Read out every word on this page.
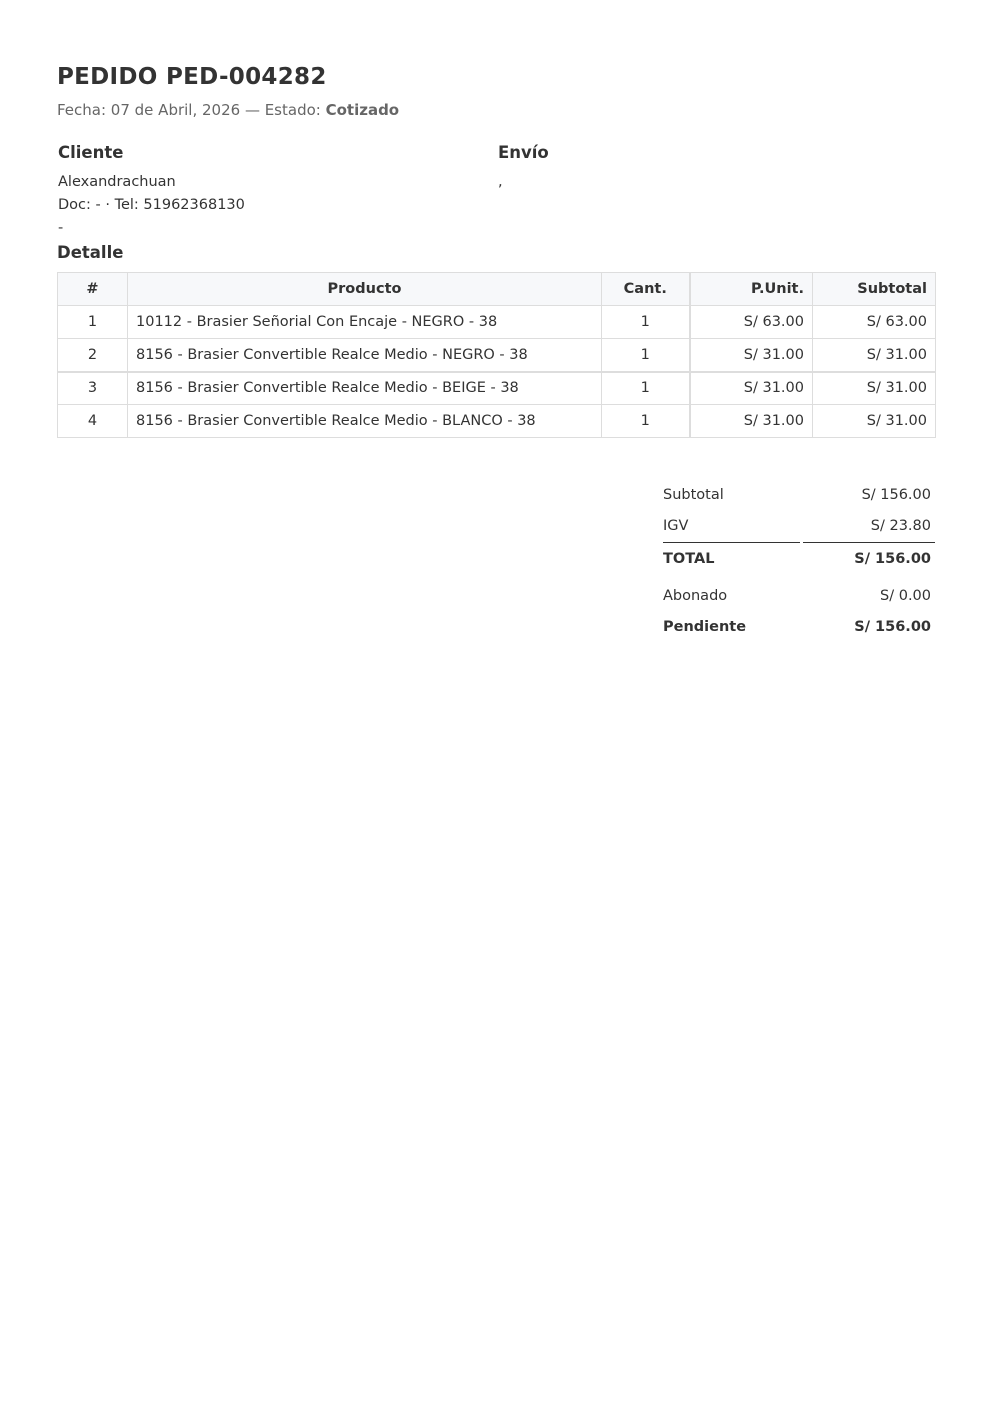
PEDIDO PED-004282
Fecha: 07 de Abril, 2026 — Estado: Cotizado
Cliente
Alexandrachuan
Doc: - · Tel: 51962368130
-
Envío
,
Detalle
#	Producto	Cant.	P.Unit.	Subtotal
1	10112 - Brasier Señorial Con Encaje - NEGRO - 38	1	S/ 63.00	S/ 63.00
2	8156 - Brasier Convertible Realce Medio - NEGRO - 38	1	S/ 31.00	S/ 31.00
3	8156 - Brasier Convertible Realce Medio - BEIGE - 38	1	S/ 31.00	S/ 31.00
4	8156 - Brasier Convertible Realce Medio - BLANCO - 38	1	S/ 31.00	S/ 31.00
Subtotal	S/ 156.00
IGV	S/ 23.80
TOTAL	S/ 156.00
Abonado	S/ 0.00
Pendiente	S/ 156.00
